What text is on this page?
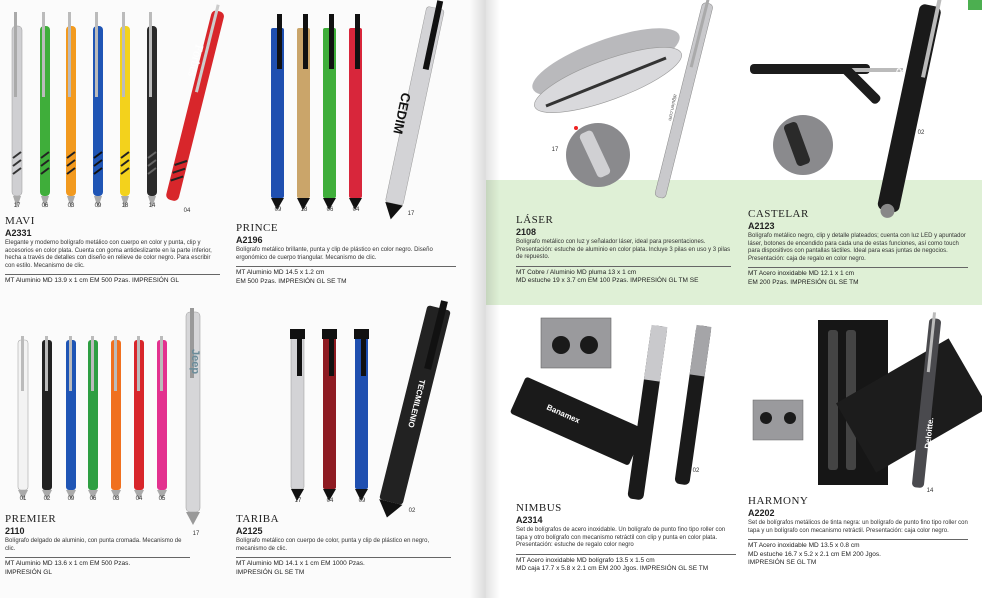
Forbes
17	06	03	09	18	14
04
MAVI
A2331
Elegante y moderno bolígrafo metálico con cuerpo en color y punta, clip y accesorios en color plata. Cuenta con goma antideslizante en la parte inferior, hecha a través de detalles con diseño en relieve de color negro. Para escribir con estilo. Mecanismo de clic.
MT Aluminio MD 13.9 x 1 cm EM 500 Pzas. IMPRESIÓN GL
CEDIM
09	18	06	04
17
PRINCE
A2196
Bolígrafo metálico brillante, punta y clip de plástico en color negro. Diseño ergonómico de cuerpo triangular. Mecanismo de clic.
MT Aluminio MD 14.5 x 1.2 cm
EM 500 Pzas. IMPRESIÓN GL SE TM
Jeep
01	02	09	06	03	04	05
17
PREMIER
2110
Bolígrafo delgado de aluminio, con punta cromada. Mecanismo de clic.
MT Aluminio MD 13.6 x 1 cm EM 500 Pzas.
IMPRESIÓN GL
TECMILENIO
17	04	09
02
TARIBA
A2125
Bolígrafo metálico con cuerpo de color, punta y clip de plástico en negro, mecanismo de clic.
MT Aluminio MD 14.1 x 1 cm EM 1000 Pzas.
IMPRESIÓN GL SE TM
17
alguien.com
LÁSER
2108
Bolígrafo metálico con luz y señalador láser, ideal para presentaciones. Presentación: estuche de aluminio en color plata. Incluye 3 pilas en uso y 3 pilas de repuesto.
MT Cobre / Aluminio MD pluma 13 x 1 cm
MD estuche 19 x 3.7 cm EM 100 Pzas. IMPRESIÓN GL TM SE
ORACLE
02
CASTELAR
A2123
Bolígrafo metálico negro, clip y detalle plateados; cuenta con luz LED y apuntador láser, botones de encendido para cada una de estas funciones, así como touch para dispositivos con pantallas táctiles. Ideal para esas juntas de negocios. Presentación: caja de regalo en color negro.
MT Acero inoxidable MD 12.1 x 1 cm
EM 200 Pzas. IMPRESIÓN GL SE TM
Banamex
02
NIMBUS
A2314
Set de bolígrafos de acero inoxidable. Un bolígrafo de punto fino tipo roller con tapa y otro bolígrafo con mecanismo retráctil con clip y punta en color plata. Presentación: estuche de regalo color negro
MT Acero inoxidable MD bolígrafo 13.5 x 1.5 cm
MD caja 17.7 x 5.8 x 2.1 cm EM 200 Jgos. IMPRESIÓN GL SE TM
Deloitte.
14
HARMONY
A2202
Set de bolígrafos metálicos de tinta negra: un bolígrafo de punto fino tipo roller con tapa y un bolígrafo con mecanismo retráctil. Presentación: caja color negro.
MT Acero inoxidable MD 13.5 x 0.8 cm
MD estuche 16.7 x 5.2 x 2.1 cm EM 200 Jgos.
IMPRESIÓN SE GL TM
